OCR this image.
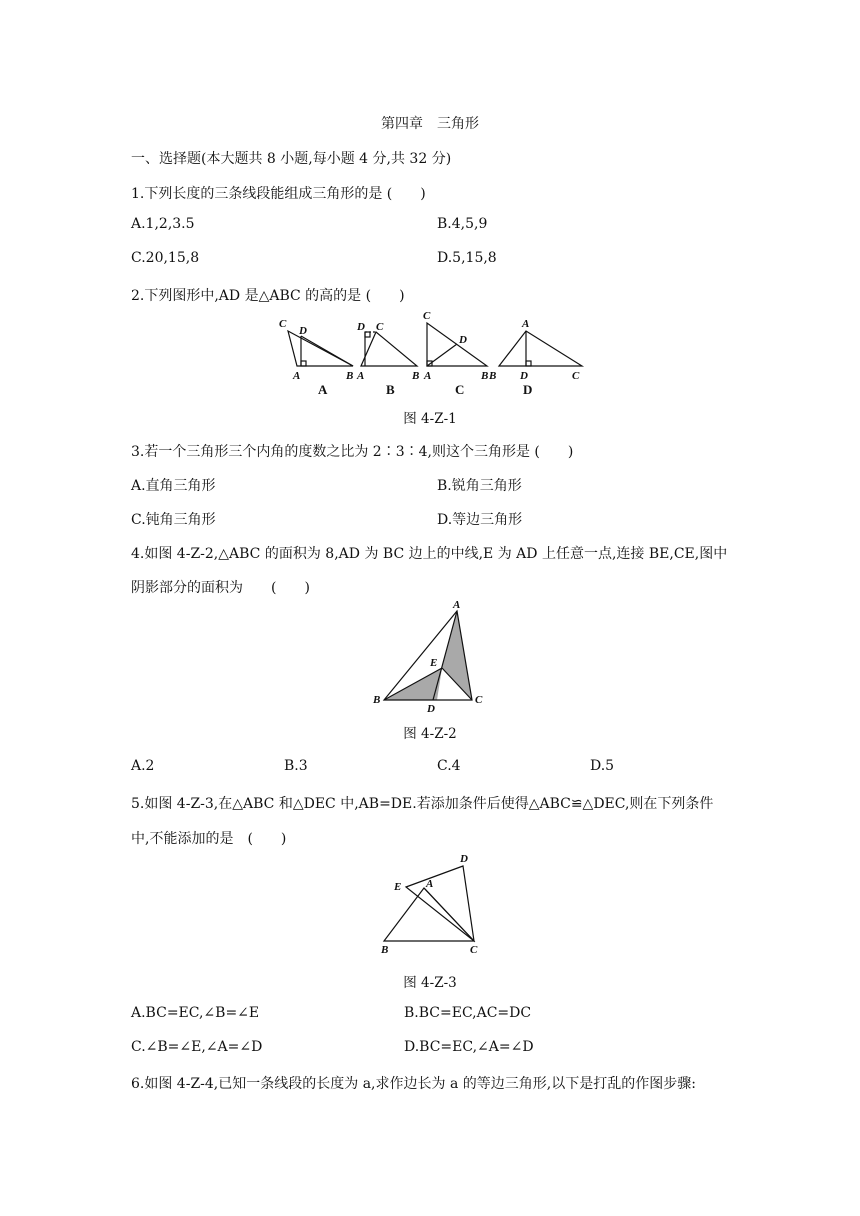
第四章　三角形
一、选择题(本大题共 8 小题,每小题 4 分,共 32 分)
1.下列长度的三条线段能组成三角形的是 (　　)
A.1,2,3.5	B.4,5,9
C.20,15,8	D.5,15,8
2.下列图形中,AD 是△ABC 的高的是 (　　)
C
D
A	B
A
D C
A	B
B
C
D
A	B
C
A
B D	C
D
图 4-Z-1
3.若一个三角形三个内角的度数之比为 2∶3∶4,则这个三角形是 (　　)
A.直角三角形	B.锐角三角形
C.钝角三角形	D.等边三角形
4.如图 4-Z-2,△ABC 的面积为 8,AD 为 BC 边上的中线,E 为 AD 上任意一点,连接 BE,CE,图中
阴影部分的面积为　　(　　)
A
E
B
D
C
图 4-Z-2
A.2	B.3	C.4	D.5
5.如图 4-Z-3,在△ABC 和△DEC 中,AB=DE.若添加条件后使得△ABC≌△DEC,则在下列条件
中,不能添加的是　(　　)
D
E A
B	C
图 4-Z-3
A.BC=EC,∠B=∠E	B.BC=EC,AC=DC
C.∠B=∠E,∠A=∠D	D.BC=EC,∠A=∠D
6.如图 4-Z-4,已知一条线段的长度为 a,求作边长为 a 的等边三角形,以下是打乱的作图步骤:
